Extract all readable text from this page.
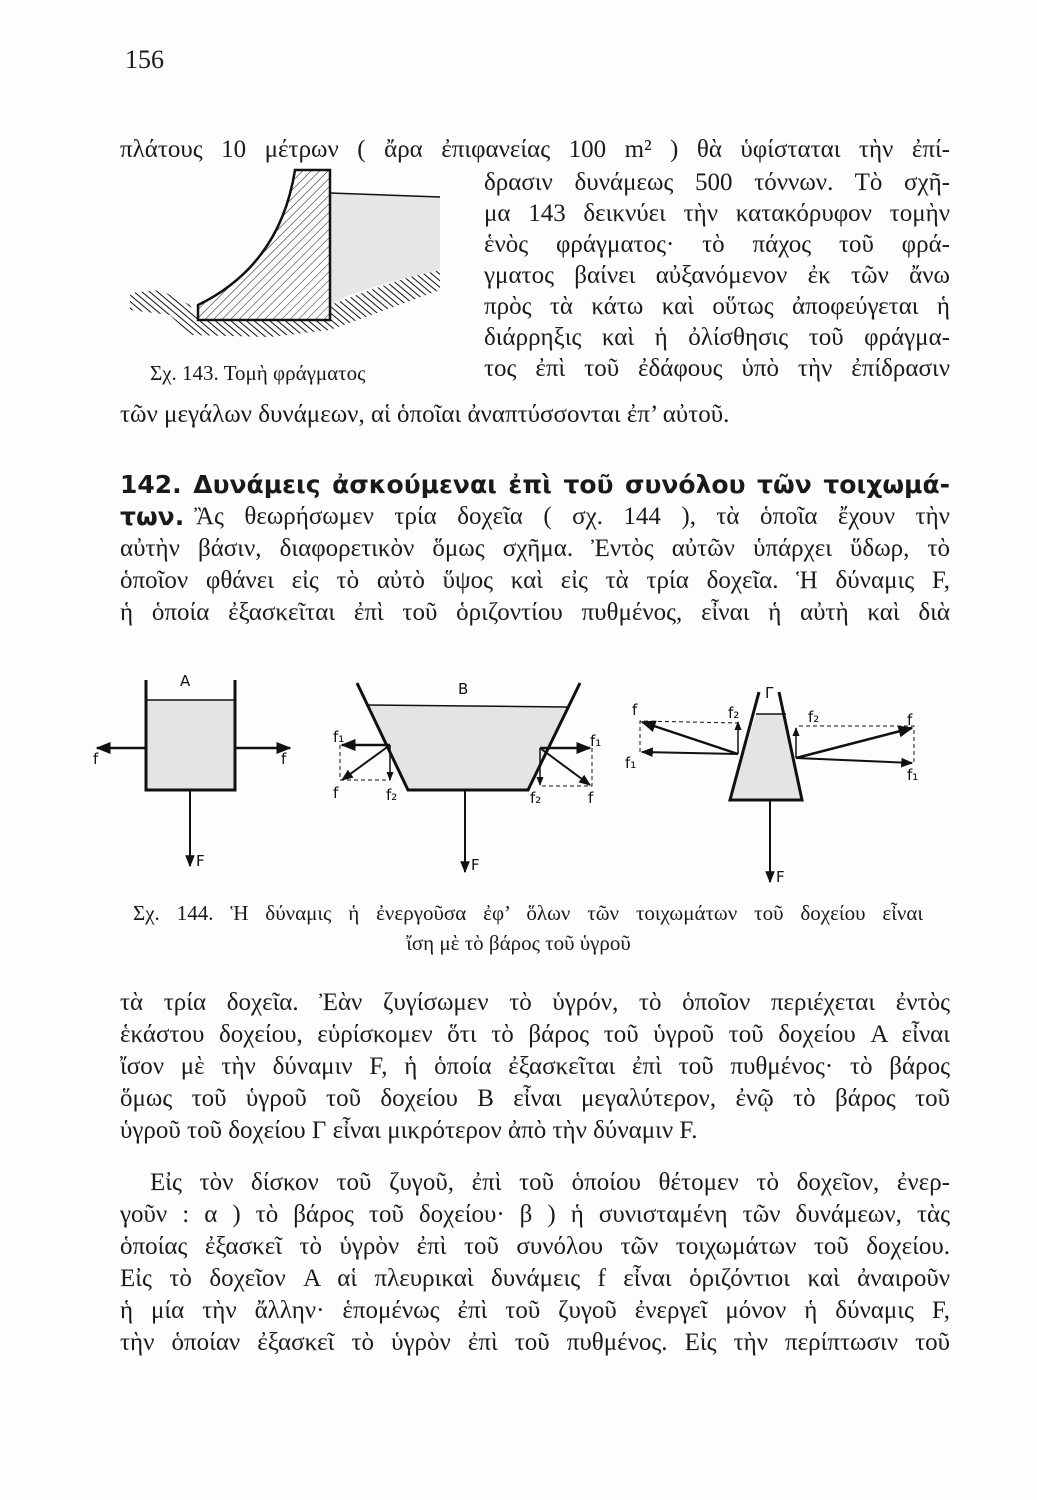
156
πλάτους 10 μέτρων ( ἄρα ἐπιφανείας 100 m² ) θὰ ὑφίσταται τὴν ἐπί-
Σχ. 143. Τομὴ φράγματος
δρασιν δυνάμεως 500 τόννων. Τὸ σχῆ-
μα 143 δεικνύει τὴν κατακόρυφον τομὴν
ἑνὸς φράγματος· τὸ πάχος τοῦ φρά-
γματος βαίνει αὐξανόμενον ἐκ τῶν ἄνω
πρὸς τὰ κάτω καὶ οὕτως ἀποφεύγεται ἡ
διάρρηξις καὶ ἡ ὀλίσθησις τοῦ φράγμα-
τος ἐπὶ τοῦ ἐδάφους ὑπὸ τὴν ἐπίδρασιν
τῶν μεγάλων δυνάμεων, αἱ ὁποῖαι ἀναπτύσσονται ἐπ’ αὐτοῦ.
142. Δυνάμεις ἀσκούμεναι ἐπὶ τοῦ συνόλου τῶν τοιχωμά-
των. Ἂς θεωρήσωμεν τρία δοχεῖα ( σχ. 144 ), τὰ ὁποῖα ἔχουν τὴν
αὐτὴν βάσιν, διαφορετικὸν ὅμως σχῆμα. Ἐντὸς αὐτῶν ὑπάρχει ὕδωρ, τὸ
ὁποῖον φθάνει εἰς τὸ αὐτὸ ὕψος καὶ εἰς τὰ τρία δοχεῖα. Ἡ δύναμις F,
ἡ ὁποία ἐξασκεῖται ἐπὶ τοῦ ὁριζοντίου πυθμένος, εἶναι ἡ αὐτὴ καὶ διὰ
A
f	f
F
B
f₁
f	f₂
f₁
f
f₂
F
Γ
f
f₁
f₂	f₂	f
f₁
F
Σχ. 144. Ἡ δύναμις ἡ ἐνεργοῦσα ἐφ’ ὅλων τῶν τοιχωμάτων τοῦ δοχείου εἶναι
ἴση μὲ τὸ βάρος τοῦ ὑγροῦ
τὰ τρία δοχεῖα. Ἐὰν ζυγίσωμεν τὸ ὑγρόν, τὸ ὁποῖον περιέχεται ἐντὸς
ἑκάστου δοχείου, εὑρίσκομεν ὅτι τὸ βάρος τοῦ ὑγροῦ τοῦ δοχείου A εἶναι
ἴσον μὲ τὴν δύναμιν F, ἡ ὁποία ἐξασκεῖται ἐπὶ τοῦ πυθμένος· τὸ βάρος
ὅμως τοῦ ὑγροῦ τοῦ δοχείου B εἶναι μεγαλύτερον, ἐνῷ τὸ βάρος τοῦ
ὑγροῦ τοῦ δοχείου Γ εἶναι μικρότερον ἀπὸ τὴν δύναμιν F.
Εἰς τὸν δίσκον τοῦ ζυγοῦ, ἐπὶ τοῦ ὁποίου θέτομεν τὸ δοχεῖον, ἐνερ-
γοῦν : α ) τὸ βάρος τοῦ δοχείου· β ) ἡ συνισταμένη τῶν δυνάμεων, τὰς
ὁποίας ἐξασκεῖ τὸ ὑγρὸν ἐπὶ τοῦ συνόλου τῶν τοιχωμάτων τοῦ δοχείου.
Εἰς τὸ δοχεῖον A αἱ πλευρικαὶ δυνάμεις f εἶναι ὁριζόντιοι καὶ ἀναιροῦν
ἡ μία τὴν ἄλλην· ἑπομένως ἐπὶ τοῦ ζυγοῦ ἐνεργεῖ μόνον ἡ δύναμις F,
τὴν ὁποίαν ἐξασκεῖ τὸ ὑγρὸν ἐπὶ τοῦ πυθμένος. Εἰς τὴν περίπτωσιν τοῦ
